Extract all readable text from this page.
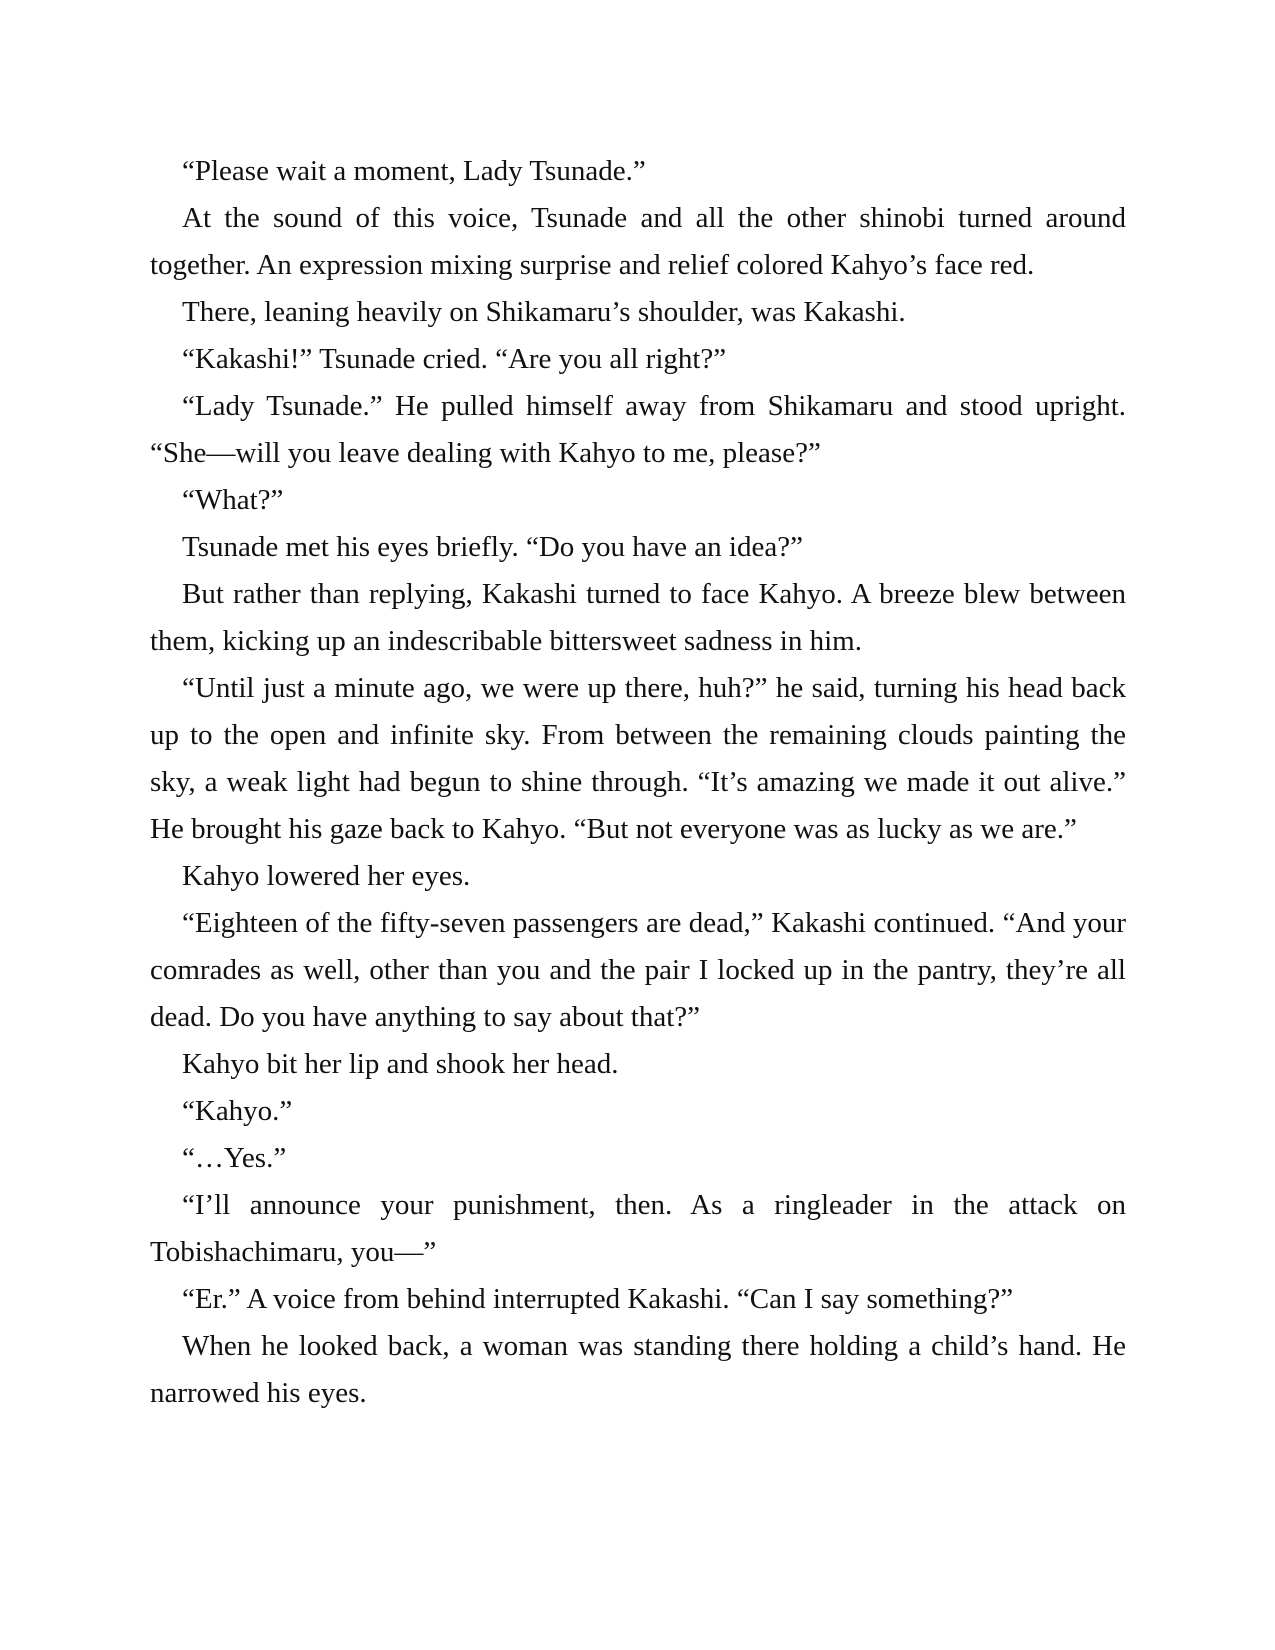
“Please wait a moment, Lady Tsunade.”

At the sound of this voice, Tsunade and all the other shinobi turned around together. An expression mixing surprise and relief colored Kahyo’s face red.

There, leaning heavily on Shikamaru’s shoulder, was Kakashi.

“Kakashi!” Tsunade cried. “Are you all right?”

“Lady Tsunade.” He pulled himself away from Shikamaru and stood upright. “She—will you leave dealing with Kahyo to me, please?”

“What?”

Tsunade met his eyes briefly. “Do you have an idea?”

But rather than replying, Kakashi turned to face Kahyo. A breeze blew between them, kicking up an indescribable bittersweet sadness in him.

“Until just a minute ago, we were up there, huh?” he said, turning his head back up to the open and infinite sky. From between the remaining clouds painting the sky, a weak light had begun to shine through. “It’s amazing we made it out alive.” He brought his gaze back to Kahyo. “But not everyone was as lucky as we are.”

Kahyo lowered her eyes.

“Eighteen of the fifty-seven passengers are dead,” Kakashi continued. “And your comrades as well, other than you and the pair I locked up in the pantry, they’re all dead. Do you have anything to say about that?”

Kahyo bit her lip and shook her head.

“Kahyo.”

“…Yes.”

“I’ll announce your punishment, then. As a ringleader in the attack on Tobishachimaru, you—”

“Er.” A voice from behind interrupted Kakashi. “Can I say something?”

When he looked back, a woman was standing there holding a child’s hand. He narrowed his eyes.
